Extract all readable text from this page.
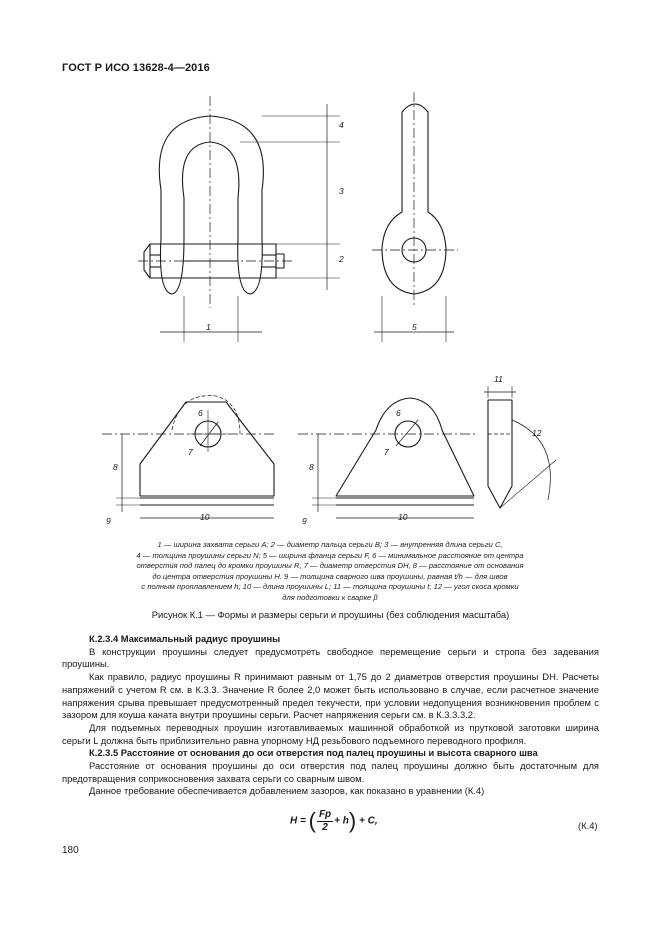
ГОСТ Р ИСО 13628-4—2016
4
3
2
1	5
6
7
8
9	10
6
7
8
9	10
11
12
1 — ширина захвата серьги A; 2 — диаметр пальца серьги B; 3 — внутренняя длина серьги C,
4 — толщина проушины серьги N; 5 — ширина фланца серьги F, 6 — минимальное расстояние от центра
отверстия под палец до кромки проушины R, 7 — диаметр отверстия DH, 8 — расстояние от основания
до центра отверстия проушины H. 9 — толщина сварного шва проушины, равная t/h — для швов
с полным проплавлением h; 10 — длина проушины L; 11 — толщина проушины t; 12 — угол скоса кромки
для подготовки к сварке β
Рисунок К.1 — Формы и размеры серьги и проушины (без соблюдения масштаба)

К.2.3.4 Максимальный радиус проушины

В конструкции проушины следует предусмотреть свободное перемещение серьги и стропа без задевания проушины.

Как правило, радиус проушины R принимают равным от 1,75 до 2 диаметров отверстия проушины DH. Расчеты напряжений с учетом R см. в К.3.3. Значение R более 2,0 может быть использовано в случае, если расчетное значение напряжения срыва превышает предусмотренный предел текучести, при условии недопущения возникновения проблем с зазором для коуша каната внутри проушины серьги. Расчет напряжения серьги см. в К.3.3.3.2.

Для подъемных переводных проушин изготавливаемых машинной обработкой из прутковой заготовки ширина серьги L должна быть приблизительно равна упорному НД резьбового подъемного переводного профиля.

К.2.3.5 Расстояние от основания до оси отверстия под палец проушины и высота сварного шва

Расстояние от основания проушины до оси отверстия под палец проушины должно быть достаточным для предотвращения соприкосновения захвата серьги со сварным швом.

Данное требование обеспечивается добавлением зазоров, как показано в уравнении (К.4)

H = ( $\frac{Fp}{2} + h) + C$,	(К.4)
180
